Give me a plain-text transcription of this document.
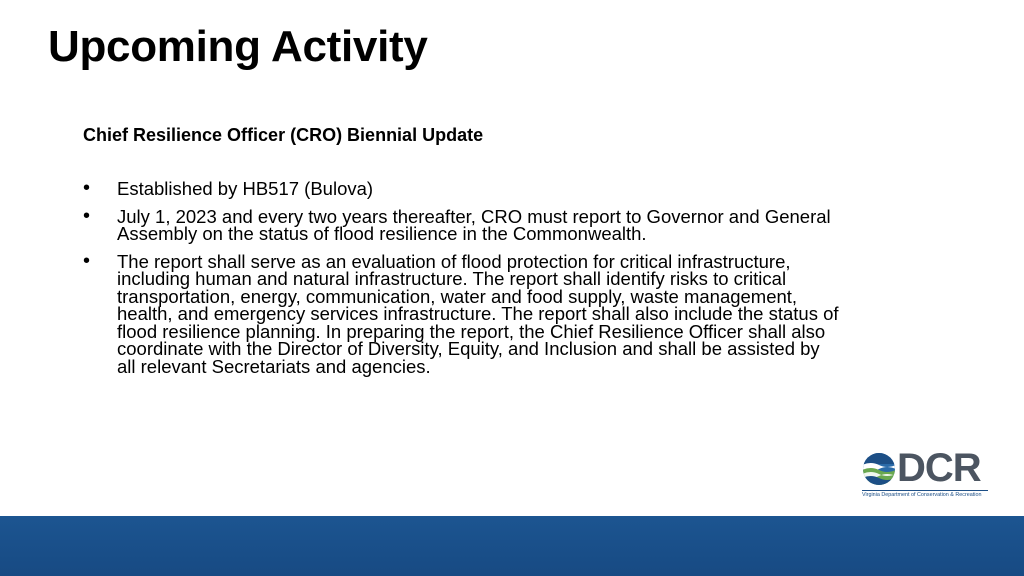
Upcoming Activity
Chief Resilience Officer (CRO) Biennial Update
• Established by HB517 (Bulova)
• July 1, 2023 and every two years thereafter, CRO must report to Governor and General Assembly on the status of flood resilience in the Commonwealth.
• The report shall serve as an evaluation of flood protection for critical infrastructure, including human and natural infrastructure. The report shall identify risks to critical transportation, energy, communication, water and food supply, waste management, health, and emergency services infrastructure. The report shall also include the status of flood resilience planning. In preparing the report, the Chief Resilience Officer shall also coordinate with the Director of Diversity, Equity, and Inclusion and shall be assisted by all relevant Secretariats and agencies.
DCR
Virginia Department of Conservation & Recreation
